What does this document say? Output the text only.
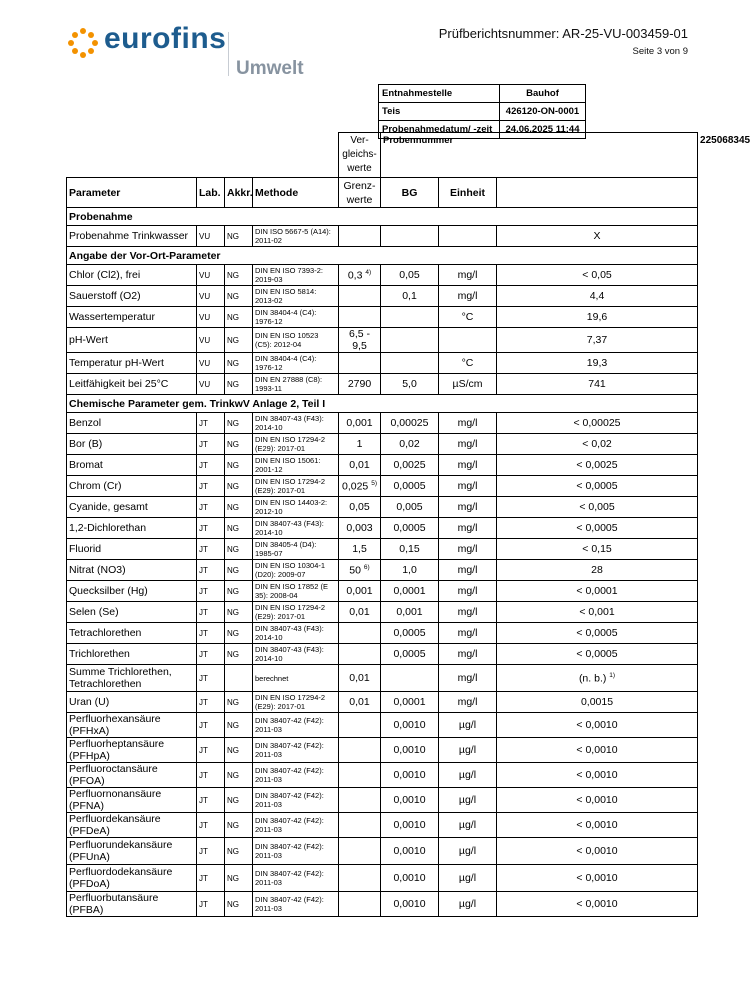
eurofins
Umwelt
Prüfberichtsnummer: AR-25-VU-003459-01
Seite 3 von 9
Entnahmestelle	Bauhof
Teis	426120-ON-0001
Probenahmedatum/ -zeit	24.06.2025 11:44
				Ver-gleichs-werte	Probennummer			225068345
Parameter	Lab.	Akkr.	Methode	Grenz-werte	BG	Einheit		
Probenahme								
Probenahme Trinkwasser	VU	NG	DIN ISO 5667-5 (A14): 2011-02				X	
Angabe der Vor-Ort-Parameter								
Chlor (Cl2), frei	VU	NG	DIN EN ISO 7393-2: 2019-03	0,3 $^{4)}$	0,05	mg/l	< 0,05	
Sauerstoff (O2)	VU	NG	DIN EN ISO 5814: 2013-02		0,1	mg/l	4,4	
Wassertemperatur	VU	NG	DIN 38404-4 (C4): 1976-12			°C	19,6	
pH-Wert	VU	NG	DIN EN ISO 10523 (C5): 2012-04	6,5 - 9,5			7,37	
Temperatur pH-Wert	VU	NG	DIN 38404-4 (C4): 1976-12			°C	19,3	
Leitfähigkeit bei 25°C	VU	NG	DIN EN 27888 (C8): 1993-11	2790	5,0	µS/cm	741	
Chemische Parameter gem. TrinkwV Anlage 2, Teil I								
Benzol	JT	NG	DIN 38407-43 (F43): 2014-10	0,001	0,00025	mg/l	< 0,00025	
Bor (B)	JT	NG	DIN EN ISO 17294-2 (E29): 2017-01	1	0,02	mg/l	< 0,02	
Bromat	JT	NG	DIN EN ISO 15061: 2001-12	0,01	0,0025	mg/l	< 0,0025	
Chrom (Cr)	JT	NG	DIN EN ISO 17294-2 (E29): 2017-01	0,025 $^{5)}$	0,0005	mg/l	< 0,0005	
Cyanide, gesamt	JT	NG	DIN EN ISO 14403-2: 2012-10	0,05	0,005	mg/l	< 0,005	
1,2-Dichlorethan	JT	NG	DIN 38407-43 (F43): 2014-10	0,003	0,0005	mg/l	< 0,0005	
Fluorid	JT	NG	DIN 38405-4 (D4): 1985-07	1,5	0,15	mg/l	< 0,15	
Nitrat (NO3)	JT	NG	DIN EN ISO 10304-1 (D20): 2009-07	50 $^{6)}$	1,0	mg/l	28	
Quecksilber (Hg)	JT	NG	DIN EN ISO 17852 (E 35): 2008-04	0,001	0,0001	mg/l	< 0,0001	
Selen (Se)	JT	NG	DIN EN ISO 17294-2 (E29): 2017-01	0,01	0,001	mg/l	< 0,001	
Tetrachlorethen	JT	NG	DIN 38407-43 (F43): 2014-10		0,0005	mg/l	< 0,0005	
Trichlorethen	JT	NG	DIN 38407-43 (F43): 2014-10		0,0005	mg/l	< 0,0005	
Summe Trichlorethen, Tetrachlorethen	JT		berechnet	0,01		mg/l	(n. b.) $^{1)}$
Uran (U)	JT	NG	DIN EN ISO 17294-2 (E29): 2017-01	0,01	0,0001	mg/l	0,0015	
Perfluorhexansäure (PFHxA)	JT	NG	DIN 38407-42 (F42): 2011-03		0,0010	µg/l	< 0,0010	
Perfluorheptansäure (PFHpA)	JT	NG	DIN 38407-42 (F42): 2011-03		0,0010	µg/l	< 0,0010	
Perfluoroctansäure (PFOA)	JT	NG	DIN 38407-42 (F42): 2011-03		0,0010	µg/l	< 0,0010	
Perfluornonansäure (PFNA)	JT	NG	DIN 38407-42 (F42): 2011-03		0,0010	µg/l	< 0,0010	
Perfluordekansäure (PFDeA)	JT	NG	DIN 38407-42 (F42): 2011-03		0,0010	µg/l	< 0,0010	
Perfluorundekansäure (PFUnA)	JT	NG	DIN 38407-42 (F42): 2011-03		0,0010	µg/l	< 0,0010	
Perfluordodekansäure (PFDoA)	JT	NG	DIN 38407-42 (F42): 2011-03		0,0010	µg/l	< 0,0010	
Perfluorbutansäure (PFBA)	JT	NG	DIN 38407-42 (F42): 2011-03		0,0010	µg/l	< 0,0010	
